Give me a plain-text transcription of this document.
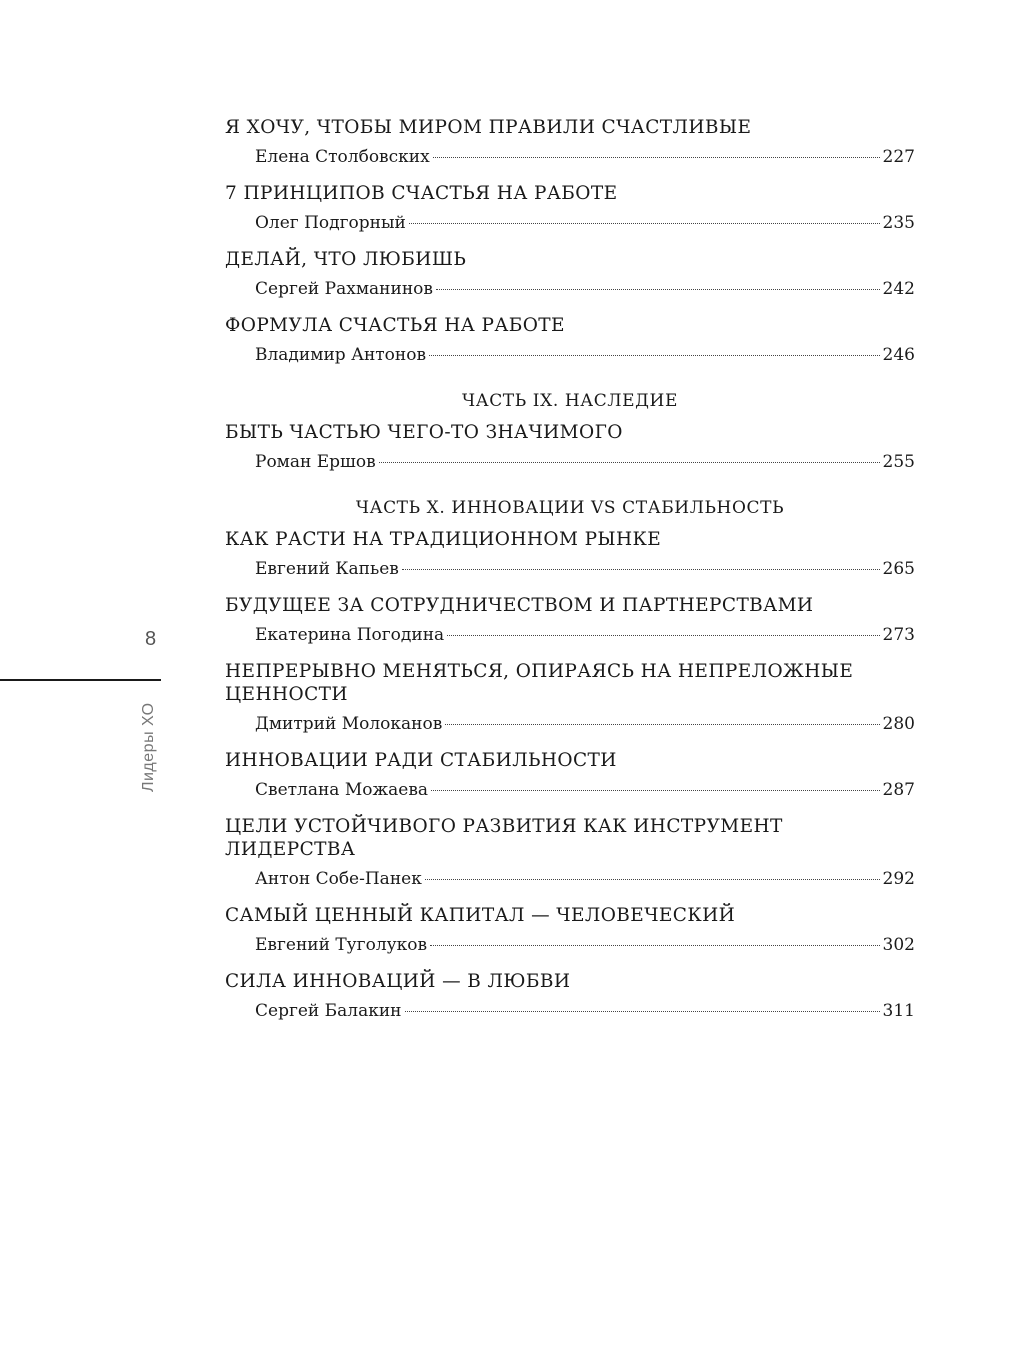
8
Лидеры ХО
Я ХОЧУ, ЧТОБЫ МИРОМ ПРАВИЛИ СЧАСТЛИВЫЕ
Елена Столбовских	227
7 ПРИНЦИПОВ СЧАСТЬЯ НА РАБОТЕ
Олег Подгорный	235
ДЕЛАЙ, ЧТО ЛЮБИШЬ
Сергей Рахманинов	242
ФОРМУЛА СЧАСТЬЯ НА РАБОТЕ
Владимир Антонов	246
ЧАСТЬ IX. НАСЛЕДИЕ
БЫТЬ ЧАСТЬЮ ЧЕГО-ТО ЗНАЧИМОГО
Роман Ершов	255
ЧАСТЬ X. ИННОВАЦИИ VS СТАБИЛЬНОСТЬ
КАК РАСТИ НА ТРАДИЦИОННОМ РЫНКЕ
Евгений Капьев	265
БУДУЩЕЕ ЗА СОТРУДНИЧЕСТВОМ И ПАРТНЕРСТВАМИ
Екатерина Погодина	273
НЕПРЕРЫВНО МЕНЯТЬСЯ, ОПИРАЯСЬ НА НЕПРЕЛОЖНЫЕ ЦЕННОСТИ
Дмитрий Молоканов	280
ИННОВАЦИИ РАДИ СТАБИЛЬНОСТИ
Светлана Можаева	287
ЦЕЛИ УСТОЙЧИВОГО РАЗВИТИЯ КАК ИНСТРУМЕНТ ЛИДЕРСТВА
Антон Собе-Панек	292
САМЫЙ ЦЕННЫЙ КАПИТАЛ — ЧЕЛОВЕЧЕСКИЙ
Евгений Туголуков	302
СИЛА ИННОВАЦИЙ — В ЛЮБВИ
Сергей Балакин	311
